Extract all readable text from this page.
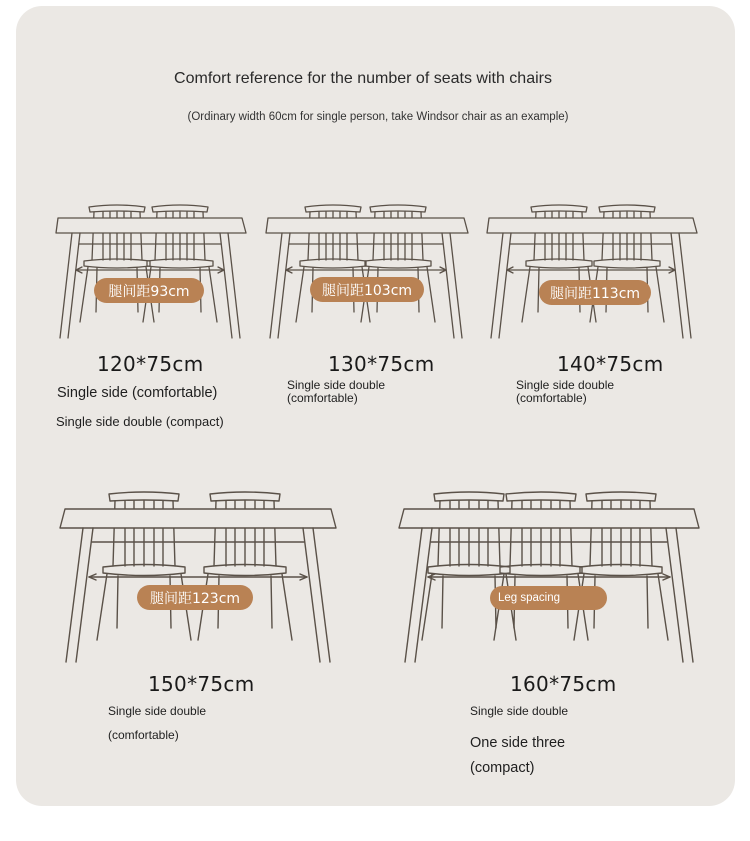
Comfort reference for the number of seats with chairs
(Ordinary width 60cm for single person, take Windsor chair as an example)
腿间距93cm
120*75cm
Single side (comfortable)
Single side double (compact)
腿间距103cm
130*75cm
Single side double
(comfortable)
腿间距113cm
140*75cm
Single side double
(comfortable)
腿间距123cm
150*75cm
Single side double
(comfortable)
Leg spacing
160*75cm
Single side double
One side three
(compact)
